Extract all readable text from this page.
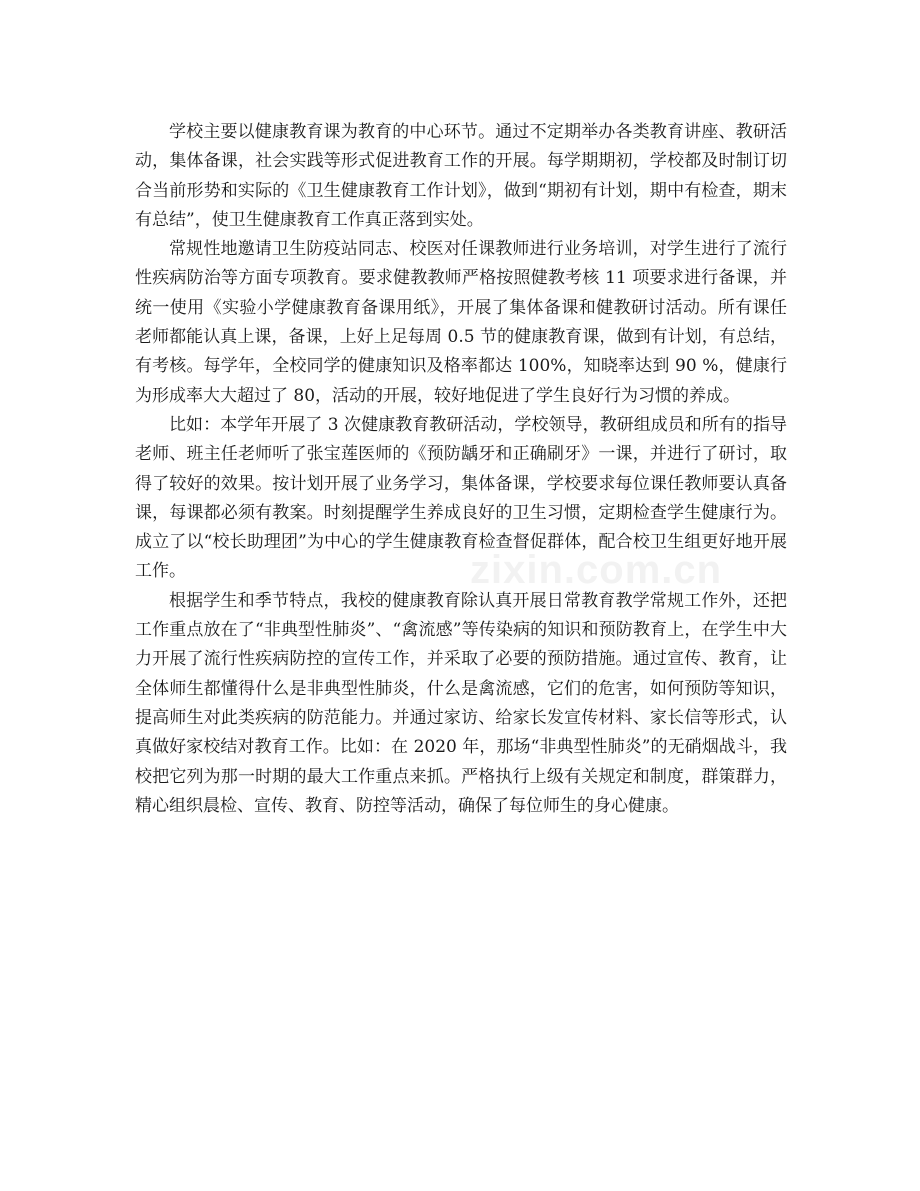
zixin.com.cn

学校主要以健康教育课为教育的中心环节。通过不定期举办各类教育讲座、教研活动，集体备课，社会实践等形式促进教育工作的开展。每学期期初，学校都及时制订切合当前形势和实际的《卫生健康教育工作计划》，做到“期初有计划，期中有检查，期末有总结”，使卫生健康教育工作真正落到实处。

常规性地邀请卫生防疫站同志、校医对任课教师进行业务培训，对学生进行了流行性疾病防治等方面专项教育。要求健教教师严格按照健教考核 11 项要求进行备课，并统一使用《实验小学健康教育备课用纸》，开展了集体备课和健教研讨活动。所有课任老师都能认真上课，备课，上好上足每周 0.5 节的健康教育课，做到有计划，有总结，有考核。每学年，全校同学的健康知识及格率都达 100%，知晓率达到 90 %，健康行为形成率大大超过了 80，活动的开展，较好地促进了学生良好行为习惯的养成。

比如：本学年开展了 3 次健康教育教研活动，学校领导，教研组成员和所有的指导老师、班主任老师听了张宝莲医师的《预防龋牙和正确刷牙》一课，并进行了研讨，取得了较好的效果。按计划开展了业务学习，集体备课，学校要求每位课任教师要认真备课，每课都必须有教案。时刻提醒学生养成良好的卫生习惯，定期检查学生健康行为。成立了以“校长助理团”为中心的学生健康教育检查督促群体，配合校卫生组更好地开展工作。

根据学生和季节特点，我校的健康教育除认真开展日常教育教学常规工作外，还把工作重点放在了“非典型性肺炎”、“禽流感”等传染病的知识和预防教育上，在学生中大力开展了流行性疾病防控的宣传工作，并采取了必要的预防措施。通过宣传、教育，让全体师生都懂得什么是非典型性肺炎，什么是禽流感，它们的危害，如何预防等知识，提高师生对此类疾病的防范能力。并通过家访、给家长发宣传材料、家长信等形式，认真做好家校结对教育工作。比如：在 2020 年，那场“非典型性肺炎”的无硝烟战斗，我校把它列为那一时期的最大工作重点来抓。严格执行上级有关规定和制度，群策群力，精心组织晨检、宣传、教育、防控等活动，确保了每位师生的身心健康。
